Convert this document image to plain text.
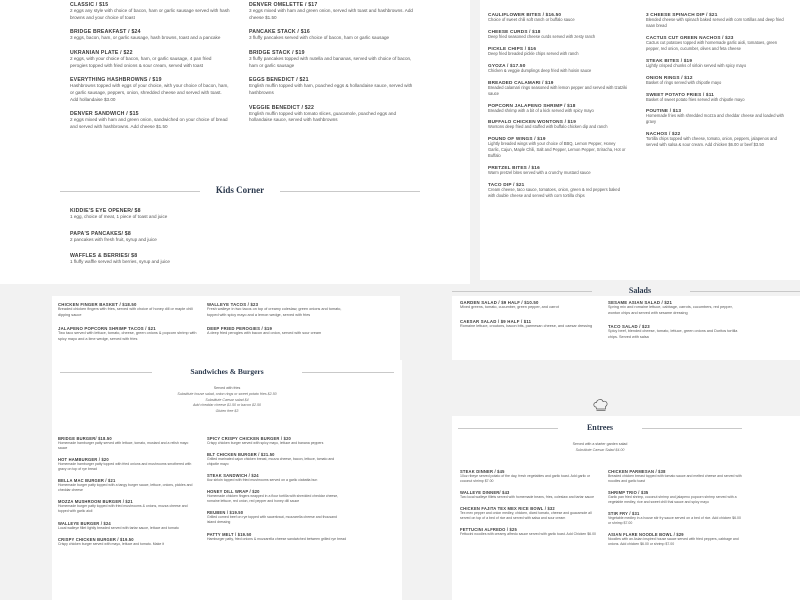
CLASSIC / $15
2 eggs any style with choice of bacon, ham or garlic sausage served with hash browns and your choice of toast
BRIDGE BREAKFAST / $24
3 eggs, bacon, ham, or garlic sausage, hash browns, toast and a pancake
UKRANIAN PLATE / $22
2 eggs, with your choice of bacon, ham, or garlic sausage, 4 pan fried perogies topped with fried onions & sour cream, served with toast
EVERYTHING HASHBROWNS / $19
Hashbrowns topped with eggs of your choice, with your choice of bacon, ham, or garlic sausage, peppers, onion, shredded cheese and served with toast. Add hollandaise $3.00
DENVER SANDWICH / $15
2 eggs mixed with ham and green onion, sandwiched on your choice of bread and served with hashbrowns. Add cheese $1.50
DENVER OMELETTE / $17
3 eggs mixed with ham and green onion, served with toast and hashbrowns. Add cheese $1.50
PANCAKE STACK / $16
3 fluffy pancakes served with choice of bacon, ham or garlic sausage
BRIDGE STACK / $19
3 fluffy pancakes topped with nutella and bananas, served with choice of bacon, ham or garlic sausage
EGGS BENEDICT / $21
English muffin topped with ham, poached eggs & hollandaise sauce, served with hashbrowns
VEGGIE BENEDICT / $22
English muffin topped with tomato slices, guacamole, poached eggs and hollandaise sauce, served with hashbrowns
Kids Corner
KIDDIE'S EYE OPENER/ $8
1 egg, choice of meat, 1 piece of toast and juice
PAPA'S PANCAKES/ $8
2 pancakes with fresh fruit, syrup and juice
WAFFLES & BERRIES/ $8
1 fluffy waffle served with berries, syrup and juice
CAULIFLOWER BITES / $16.50
Choice of sweet chili soft ranch or buffalo sauce
CHEESE CURDS / $18
Deep fried seasoned cheese curds served with zesty ranch
PICKLE CHIPS / $16
Deep fried breaded pickle chips served with ranch
GYOZA / $17.50
Chicken & veggie dumplings deep fried with hoisin sauce
BREADED CALAMARI / $19
Breaded calamari rings seasoned with lemon pepper and served with tzatziki sauce
POPCORN JALAPENO SHRIMP / $18
Breaded shrimp with a bit of a kick served with spicy mayo
BUFFALO CHICKEN WONTONS / $19
Wontons deep fried and stuffed with buffalo chicken dip and ranch
POUND OF WINGS / $19
Lightly breaded wings with your choice of BBQ, Lemon Pepper, Honey Garlic, Cajun, Maple Chili, Salt and Pepper, Lemon Pepper, Sriracha, Hot or Buffalo
PRETZEL BITES / $16
Warm pretzel bites served with a crunchy mustard sauce
TACO DIP / $21
Cream cheese, taco sauce, tomatoes, onion, green & red peppers baked with double cheese and served with corn tortilla chips
3 CHEESE SPINACH DIP / $21
Blended cheese with spinach baked served with corn tortillas and deep fried naan bread
CACTUS CUT GREEN NACHOS / $23
Cactus cut potatoes topped with homemade garlic aioli, tomatoes, green pepper, red onion, cucumber, olives and feta cheese
STEAK BITES / $19
Lightly crisped chunks of sirloin served with spicy mayo
ONION RINGS / $12
Basket of rings served with chipotle mayo
SWEET POTATO FRIES / $11
Basket of sweet potato fries served with chipotle mayo
POUTINE / $13
Homemade fries with shredded mozza and cheddar cheese and loaded with gravy
NACHOS / $22
Tortilla chips topped with cheese, tomato, onion, peppers, jalapenos and served with salsa & sour cream. Add chicken $6.00 or beef $3.50
Salads
CHICKEN FINGER BASKET / $18.50
Breaded chicken fingers with fries, served with choice of honey dill or maple chili dipping sauce
JALAPENO POPCORN SHRIMP TACOS / $21
Two taco served with lettuce, tomato, cheese, green onions & popcorn shrimp with spicy mayo and a lime wedge, served with fries
WALLEYE TACOS / $23
Fresh walleye in two tacos on top of creamy coleslaw, green onions and tomato, topped with spicy mayo and a lemon wedge, served with fries
DEEP FRIED PEROGIES / $19
A deep fried perogies with bacon and onion, served with sour cream
GARDEN SALAD / $9 HALF / $10.50
Mixed greens, tomato, cucumber, green pepper, and carrot
CAESAR SALAD / $9 HALF / $11
Romaine lettuce, croutons, bacon bits, parmesan cheese, and caesar dressing
SESAME ASIAN SALAD / $21
Spring mix and romaine lettuce, cabbage, carrots, cucumbers, red pepper, wonton chips and served with sesame dressing
TACO SALAD / $23
Spicy beef, blended cheese, tomato, lettuce, green onions and Doritos tortilla chips. Served with salsa
Sandwiches & Burgers
Served with fries
Substitute house salad, onion rings or sweet potato fries $2.50
Substitute Caesar salad $4
Add cheddar cheese $1.50 or bacon $2.50
Gluten free $3
BRIDGE BURGER/ $18.50
Homemade hamburger patty served with lettuce, tomato, mustard and a relish mayo sauce
HOT HAMBURGER / $20
Homemade hamburger patty topped with fried onions and mushrooms smothered with gravy on top of rye bread
BELLA MAC BURGER / $21
Homemade burger patty topped with a tangy burger sauce, lettuce, onions, pickles and cheddar cheese
MOZZA MUSHROOM BURGER / $21
Homemade burger patty topped with fried mushrooms & onions, mozza cheese and topped with garlic aioli
WALLEYE BURGER / $24
Local walleye fillet lightly breaded served with tartar sauce, lettuce and tomato
CRISPY CHICKEN BURGER / $19.50
Crispy chicken burger served with mayo, lettuce and tomato. Make it
SPICY CRISPY CHICKEN BURGER / $20
Crispy chicken burger served with spicy mayo, lettuce and banana peppers
BLT CHICKEN BURGER / $21.50
Grilled marinated cajun chicken breast, mozza cheese, bacon, lettuce, tomato and chipotle mayo
STEAK SANDWICH / $24
6oz sirloin topped with fried mushrooms served on a garlic ciabatta bun
HONEY DILL WRAP / $20
Homemade chicken fingers wrapped in a flour tortilla with shredded cheddar cheese, romaine lettuce, red onion, red pepper and honey dill sauce
REUBEN / $19.50
Grilled corned beef on rye topped with sauerkraut, mozzarella cheese and thousand island dressing
PATTY MELT / $19.50
Hamburger patty, fried onions & mozzarella cheese sandwiched between grilled rye bread
Entrees
Served with a starter garden salad
Substitute Caesar Salad $4.00
STEAK DINNER / $45
10oz ribeye served potato of the day, fresh vegetables and garlic toast. Add garlic or coconut shrimp $7.00
WALLEYE DINNER/ $43
Two local walleye fillets served with homemade beans, fries, coleslaw and tartar sauce
CHICKEN FAJITA TEX MEX RICE BOWL / $32
Tex mex pepper and onion medley, chicken, diced tomato, cheese and guacamole all served on top of a bed of rice and served with salsa and sour cream
FETTUCINI ALFREDO / $25
Fettucini noodles with creamy alfredo sauce served with garlic toast. Add Chicken $6.00
CHICKEN PARMESAN / $38
Breaded chicken breast topped with tomato sauce and melted cheese and served with noodles and garlic toast
SHRIMP TRIO / $35
Garlic pan fried shrimp, coconut shrimp and jalapeno popcorn shrimp served with a vegetable medley, rice and sweet chili thai sauce and spicy mayo
STIR FRY / $31
Vegetable medley in a house stir fry sauce served on a bed of rice. Add chicken $6.00 or shrimp $7.00
ASIAN FLARE NOODLE BOWL / $29
Noodles with an Asian inspired house sauce served with fried peppers, cabbage and onions. Add chicken $6.00 or shrimp $7.00
